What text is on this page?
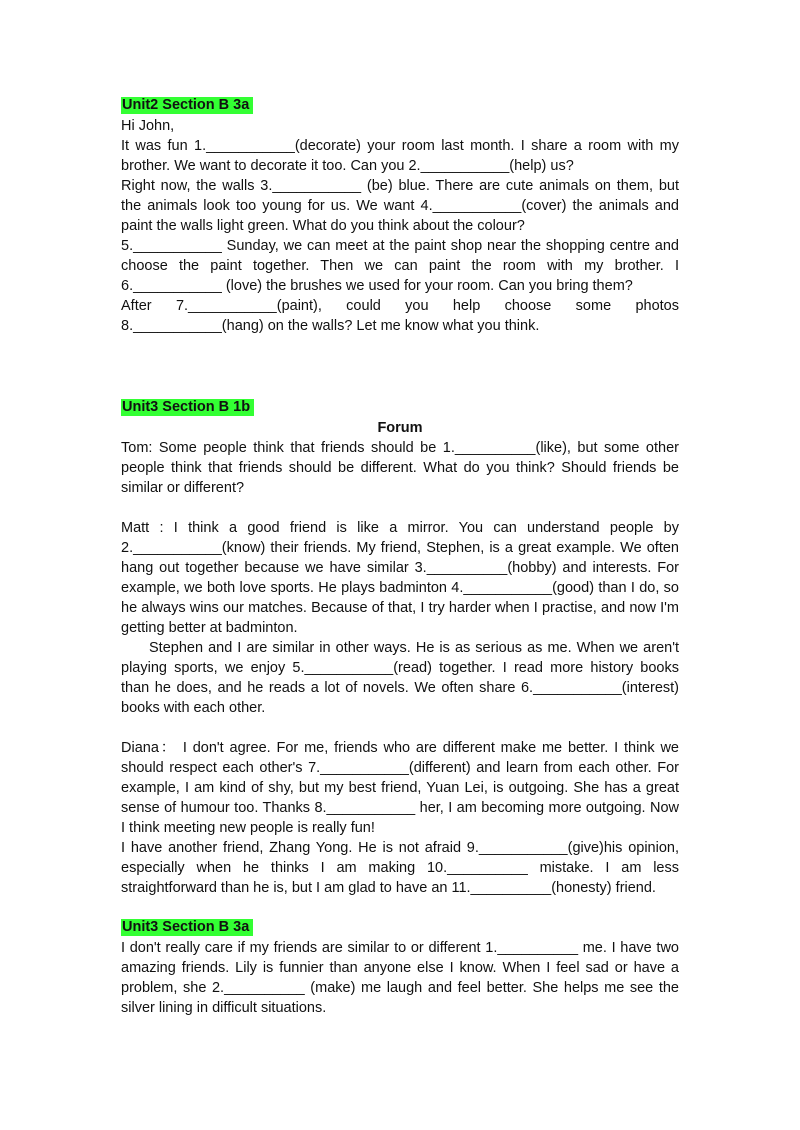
Unit2 Section B 3a

Hi John,

It was fun 1.___________(decorate) your room last month. I share a room with my brother. We want to decorate it too. Can you 2.___________(help) us?

Right now, the walls 3.___________ (be) blue. There are cute animals on them, but the animals look too young for us. We want 4.___________(cover) the animals and paint the walls light green. What do you think about the colour?

5.___________ Sunday, we can meet at the paint shop near the shopping centre and choose the paint together. Then we can paint the room with my brother. I 6.___________ (love) the brushes we used for your room. Can you bring them?

After 7.___________(paint), could you help choose some photos 8.___________(hang) on the walls? Let me know what you think.

Unit3 Section B 1b

Forum

Tom: Some people think that friends should be 1.__________(like), but some other people think that friends should be different. What do you think? Should friends be similar or different?

Matt : I think a good friend is like a mirror. You can understand people by 2.___________(know) their friends. My friend, Stephen, is a great example. We often hang out together because we have similar 3.__________(hobby) and interests. For example, we both love sports. He plays badminton 4.___________(good) than I do, so he always wins our matches. Because of that, I try harder when I practise, and now I'm getting better at badminton.

Stephen and I are similar in other ways. He is as serious as me. When we aren't playing sports, we enjoy 5.___________(read) together. I read more history books than he does, and he reads a lot of novels. We often share 6.___________(interest) books with each other.

Diana： I don't agree. For me, friends who are different make me better. I think we should respect each other's 7.___________(different) and learn from each other. For example, I am kind of shy, but my best friend, Yuan Lei, is outgoing. She has a great sense of humour too. Thanks 8.___________ her, I am becoming more outgoing. Now I think meeting new people is really fun!

I have another friend, Zhang Yong. He is not afraid 9.___________(give)his opinion, especially when he thinks I am making 10.__________ mistake. I am less straightforward than he is, but I am glad to have an 11.__________(honesty) friend.

Unit3 Section B 3a

I don't really care if my friends are similar to or different 1.__________ me. I have two amazing friends. Lily is funnier than anyone else I know. When I feel sad or have a problem, she 2.__________ (make) me laugh and feel better. She helps me see the silver lining in difficult situations.
